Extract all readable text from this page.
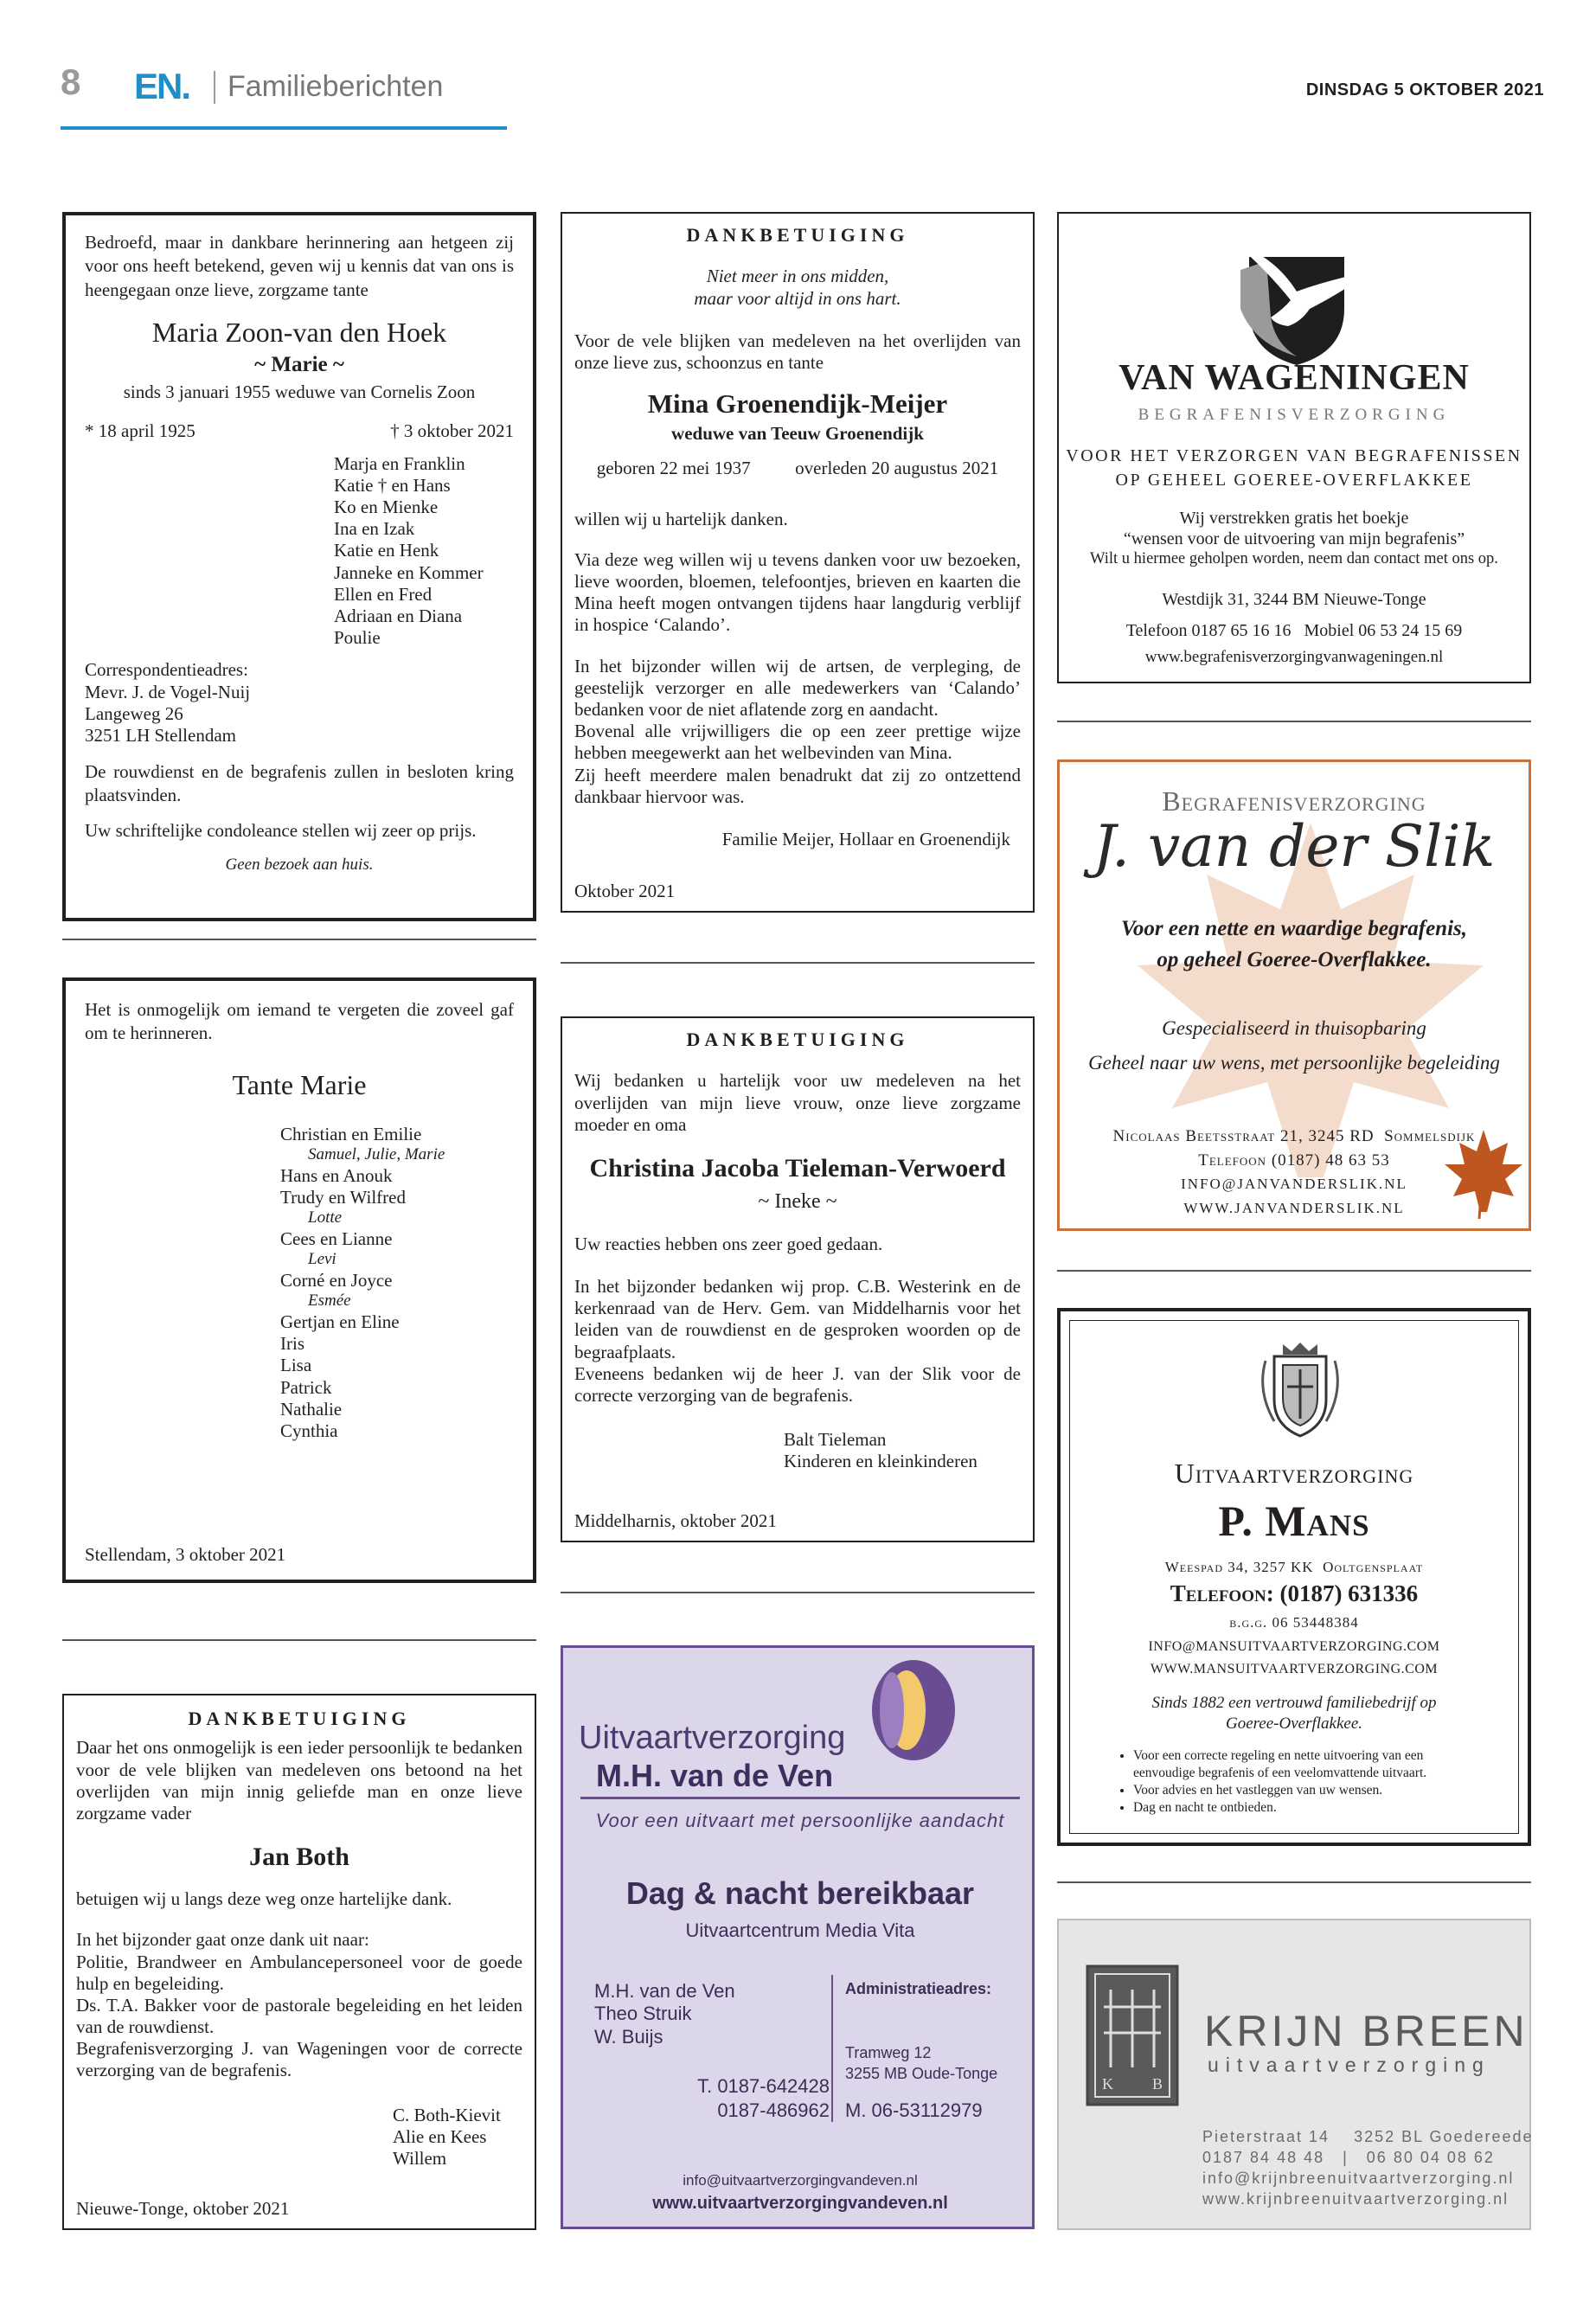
8 EN. Familieberichten	DINSDAG 5 OKTOBER 2021
Bedroefd, maar in dankbare herinnering aan hetgeen zij voor ons heeft betekend, geven wij u kennis dat van ons is heengegaan onze lieve, zorgzame tante
Maria Zoon-van den Hoek
~ Marie ~
sinds 3 januari 1955 weduwe van Cornelis Zoon
* 18 april 1925	† 3 oktober 2021
Marja en Franklin
Katie † en Hans
Ko en Mienke
Ina en Izak
Katie en Henk
Janneke en Kommer
Ellen en Fred
Adriaan en Diana
Poulie
Correspondentieadres:
Mevr. J. de Vogel-Nuij
Langeweg 26
3251 LH Stellendam
De rouwdienst en de begrafenis zullen in besloten kring plaatsvinden.
Uw schriftelijke condoleance stellen wij zeer op prijs.
Geen bezoek aan huis.
Het is onmogelijk om iemand te vergeten die zoveel gaf om te herinneren.
Tante Marie
Christian en Emilie
Samuel, Julie, Marie
Hans en Anouk
Trudy en Wilfred
Lotte
Cees en Lianne
Levi
Corné en Joyce
Esmée
Gertjan en Eline
Iris
Lisa
Patrick
Nathalie
Cynthia
Stellendam, 3 oktober 2021
DANKBETUIGING
Daar het ons onmogelijk is een ieder persoonlijk te bedanken voor de vele blijken van medeleven ons betoond na het overlijden van mijn innig geliefde man en onze lieve zorgzame vader
Jan Both
betuigen wij u langs deze weg onze hartelijke dank.
In het bijzonder gaat onze dank uit naar:
Politie, Brandweer en Ambulancepersoneel voor de goede hulp en begeleiding.
Ds. T.A. Bakker voor de pastorale begeleiding en het leiden van de rouwdienst.
Begrafenisverzorging J. van Wageningen voor de correcte verzorging van de begrafenis.
C. Both-Kievit
Alie en Kees
Willem
Nieuwe-Tonge, oktober 2021
DANKBETUIGING
Niet meer in ons midden,
maar voor altijd in ons hart.
Voor de vele blijken van medeleven na het overlijden van onze lieve zus, schoonzus en tante
Mina Groenendijk-Meijer
weduwe van Teeuw Groenendijk
geboren 22 mei 1937 overleden 20 augustus 2021
willen wij u hartelijk danken.
Via deze weg willen wij u tevens danken voor uw bezoeken, lieve woorden, bloemen, telefoontjes, brieven en kaarten die Mina heeft mogen ontvangen tijdens haar langdurig verblijf in hospice ‘Calando’.
In het bijzonder willen wij de artsen, de verpleging, de geestelijk verzorger en alle medewerkers van ‘Calando’ bedanken voor de niet aflatende zorg en aandacht.
Bovenal alle vrijwilligers die op een zeer prettige wijze hebben meegewerkt aan het welbevinden van Mina.
Zij heeft meerdere malen benadrukt dat zij zo ontzettend dankbaar hiervoor was.
Familie Meijer, Hollaar en Groenendijk
Oktober 2021
DANKBETUIGING
Wij bedanken u hartelijk voor uw medeleven na het overlijden van mijn lieve vrouw, onze lieve zorgzame moeder en oma
Christina Jacoba Tieleman-Verwoerd
~ Ineke ~
Uw reacties hebben ons zeer goed gedaan.
In het bijzonder bedanken wij prop. C.B. Westerink en de kerkenraad van de Herv. Gem. van Middelharnis voor het leiden van de rouwdienst en de gesproken woorden op de begraafplaats.
Eveneens bedanken wij de heer J. van der Slik voor de correcte verzorging van de begrafenis.
Balt Tieleman
Kinderen en kleinkinderen
Middelharnis, oktober 2021
Uitvaartverzorging
M.H. van de Ven
Voor een uitvaart met persoonlijke aandacht
Dag & nacht bereikbaar
Uitvaartcentrum Media Vita
M.H. van de Ven
Theo Struik
W. Buijs
T. 0187-642428
0187-486962
Administratieadres:
Tramweg 12
3255 MB Oude-Tonge
M. 06-53112979
info@uitvaartverzorgingvandeven.nl
www.uitvaartverzorgingvandeven.nl
VAN WAGENINGEN
BEGRAFENISVERZORGING
VOOR HET VERZORGEN VAN BEGRAFENISSEN
OP GEHEEL GOEREE-OVERFLAKKEE
Wij verstrekken gratis het boekje
“wensen voor de uitvoering van mijn begrafenis”
Wilt u hiermee geholpen worden, neem dan contact met ons op.
Westdijk 31, 3244 BM Nieuwe-Tonge
Telefoon 0187 65 16 16   Mobiel 06 53 24 15 69
www.begrafenisverzorgingvanwageningen.nl
Begrafenisverzorging
J. van der Slik
Voor een nette en waardige begrafenis,
op geheel Goeree-Overflakkee.
Gespecialiseerd in thuisopbaring
Geheel naar uw wens, met persoonlijke begeleiding
Nicolaas Beetsstraat 21, 3245 RD  Sommelsdijk
Telefoon (0187) 48 63 53
INFO@JANVANDERSLIK.NL
WWW.JANVANDERSLIK.NL
Uitvaartverzorging
P. Mans
Weespad 34, 3257 KK  Ooltgensplaat
Telefoon: (0187) 631336
b.g.g. 06 53448384
INFO@MANSUITVAARTVERZORGING.COM
WWW.MANSUITVAARTVERZORGING.COM
Sinds 1882 een vertrouwd familiebedrijf op
Goeree-Overflakkee.
• Voor een correcte regeling en nette uitvoering van een eenvoudige begrafenis of een veelomvattende uitvaart.
• Voor advies en het vastleggen van uw wensen.
• Dag en nacht te ontbieden.
K	B
KRIJN BREEN
uitvaartverzorging
Pieterstraat 14    3252 BL Goedereede
0187 84 48 48   |   06 80 04 08 62
info@krijnbreenuitvaartverzorging.nl
www.krijnbreenuitvaartverzorging.nl
